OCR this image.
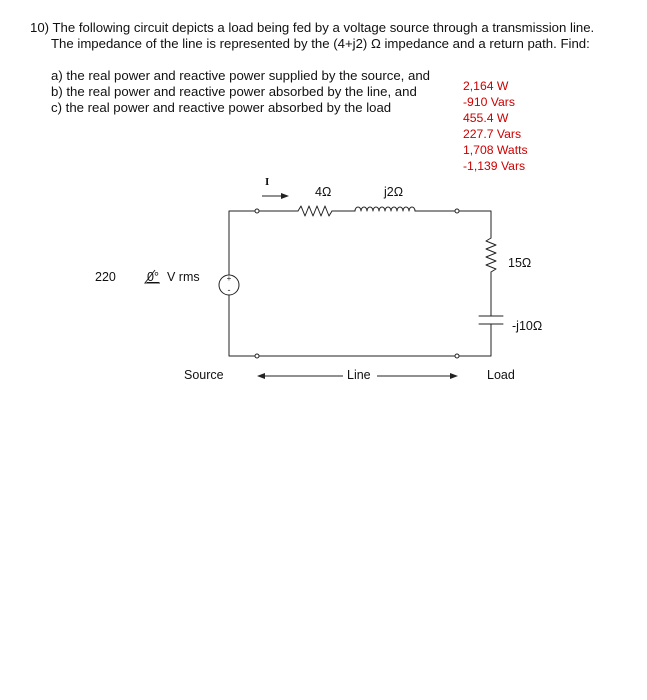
10) The following circuit depicts a load being fed by a voltage source through a transmission line.
The impedance of the line is represented by the (4+j2) Ω impedance and a return path. Find:
a) the real power and reactive power supplied by the source, and
b) the real power and reactive power absorbed by the line, and
c) the real power and reactive power absorbed by the load
2,164 W
-910 Vars
455.4 W
227.7 Vars
1,708 Watts
-1,139 Vars
+
-
I
4Ω	j2Ω
15Ω
-j10Ω
220 0° V rms
Source	Line	Load
